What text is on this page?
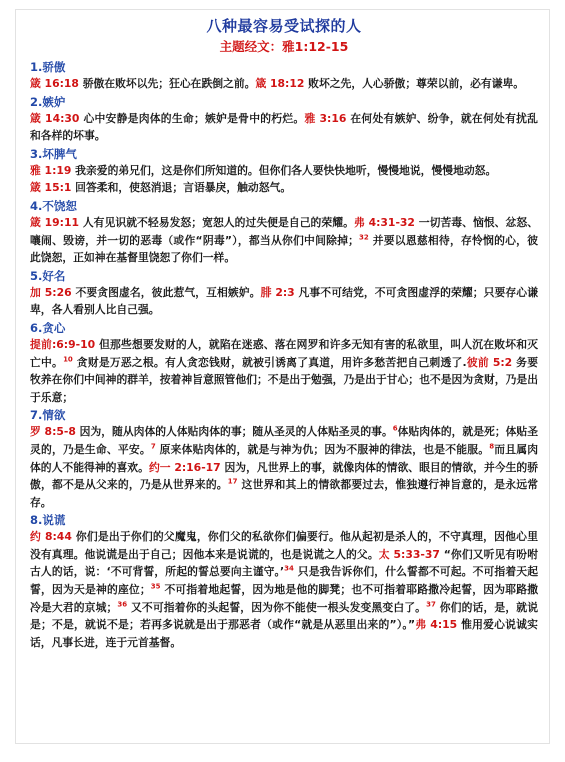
八种最容易受试探的人
主题经文：雅1:12-15
1.骄傲
箴 16:18 骄傲在败坏以先；狂心在跌倒之前。箴 18:12 败坏之先，人心骄傲；尊荣以前，必有谦卑。
2.嫉妒
箴 14:30 心中安静是肉体的生命；嫉妒是骨中的朽烂。雅 3:16 在何处有嫉妒、纷争，就在何处有扰乱和各样的坏事。
3.坏脾气
雅 1:19 我亲爱的弟兄们，这是你们所知道的。但你们各人要快快地听，慢慢地说，慢慢地动怒。
箴 15:1 回答柔和，使怒消退；言语暴戾，触动怒气。
4.不饶恕
箴 19:11 人有见识就不轻易发怒；宽恕人的过失便是自己的荣耀。弗 4:31-32 一切苦毒、恼恨、忿怒、嚷闹、毁谤，并一切的恶毒（或作“阴毒”），都当从你们中间除掉；$^{32}$ 并要以恩慈相待，存怜悯的心，彼此饶恕，正如神在基督里饶恕了你们一样。
5.好名
加 5:26 不要贪图虚名，彼此惹气，互相嫉妒。腓 2:3 凡事不可结党，不可贪图虚浮的荣耀；只要存心谦卑，各人看别人比自己强。
6.贪心
提前:6:9-10 但那些想要发财的人，就陷在迷惑、落在网罗和许多无知有害的私欲里，叫人沉在败坏和灭亡中。$^{10}$ 贪财是万恶之根。有人贪恋钱财，就被引诱离了真道，用许多愁苦把自己刺透了.彼前 5:2 务要牧养在你们中间神的群羊，按着神旨意照管他们；不是出于勉强，乃是出于甘心；也不是因为贪财，乃是出于乐意；
7.情欲
罗 8:5-8 因为，随从肉体的人体贴肉体的事；随从圣灵的人体贴圣灵的事。$^6$体贴肉体的，就是死；体贴圣灵的，乃是生命、平安。$^7$ 原来体贴肉体的，就是与神为仇；因为不服神的律法，也是不能服。$^8$而且属肉体的人不能得神的喜欢。约一 2:16-17 因为，凡世界上的事，就像肉体的情欲、眼目的情欲，并今生的骄傲，都不是从父来的，乃是从世界来的。$^{17}$ 这世界和其上的情欲都要过去，惟独遵行神旨意的，是永远常存。
8.说谎
约 8:44 你们是出于你们的父魔鬼，你们父的私欲你们偏要行。他从起初是杀人的，不守真理，因他心里没有真理。他说谎是出于自己；因他本来是说谎的，也是说谎之人的父。太 5:33-37 “你们又听见有吩咐古人的话，说：‘不可背誓，所起的誓总要向主谨守。’$^{34}$ 只是我告诉你们，什么誓都不可起。不可指着天起誓，因为天是神的座位；$^{35}$ 不可指着地起誓，因为地是他的脚凳；也不可指着耶路撒冷起誓，因为耶路撒冷是大君的京城；$^{36}$ 又不可指着你的头起誓，因为你不能使一根头发变黑变白了。$^{37}$ 你们的话，是，就说是；不是，就说不是；若再多说就是出于那恶者（或作“就是从恶里出来的”）。”弗 4:15 惟用爱心说诚实话，凡事长进，连于元首基督。
